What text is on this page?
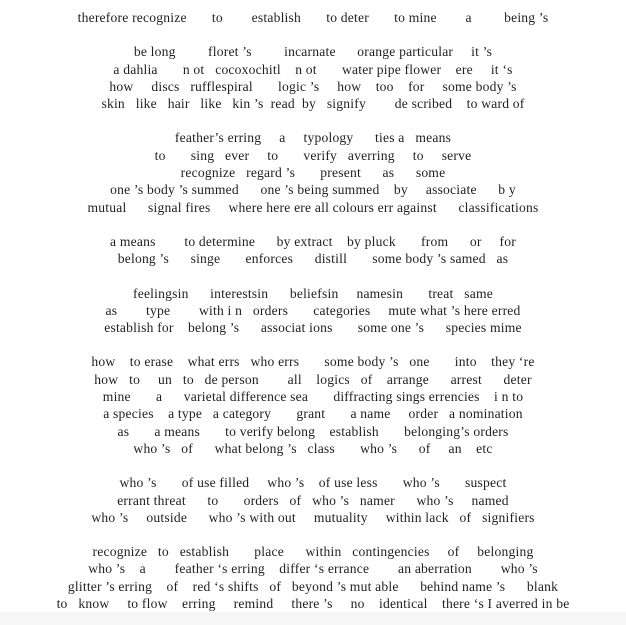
therefore recognize       to        establish       to deter       to mine        a         being ’s
be long         floret ’s         incarnate      orange particular     it ’s
a dahlia       n ot   cocoxochitl    n ot       water pipe flower    ere     it ‘s
how     discs   rufflespiral       logic ’s     how    too    for     some body ’s
skin   like   hair   like   kin ’s  read  by   signify        de scribed    to ward of
feather’s erring     a     typology      ties a   means
to       sing   ever     to       verify   averring     to     serve
recognize   regard ’s       present      as      some
one ’s body ’s summed      one ’s being summed    by     associate      b y
mutual      signal fires     where here ere all colours err against      classifications
a means        to determine      by extract    by pluck       from      or     for
belong ’s      singe       enforces      distill       some body ’s samed   as
feelingsin      interestsin      beliefsin     namesin       treat   same
as        type        with i n   orders       categories     mute what ’s here erred
establish for    belong ’s      associat ions       some one ’s      species mime
how    to erase    what errs   who errs       some body ’s   one       into    they ‘re
how   to     un   to   de person        all    logics   of    arrange      arrest      deter
mine       a      varietal difference sea       diffracting sings errencies    i n to
a species    a type   a category       grant       a name     order   a nomination
as       a means       to verify belong    establish       belonging’s orders
who ’s   of      what belong ’s   class       who ’s      of     an    etc
who ’s       of use filled     who ’s    of use less       who ’s       suspect
errant threat      to       orders   of   who ’s   namer      who ’s     named
who ’s     outside      who ’s with out     mutuality     within lack   of   signifiers
recognize   to   establish       place      within   contingencies     of     belonging
who ’s    a        feather ‘s erring    differ ‘s errance        an aberration        who ’s
glitter ’s erring    of    red ‘s shifts   of   beyond ’s mut able      behind name ’s      blank
to   know     to flow    erring     remind     there ’s     no    identical    there ‘s I averred in be
